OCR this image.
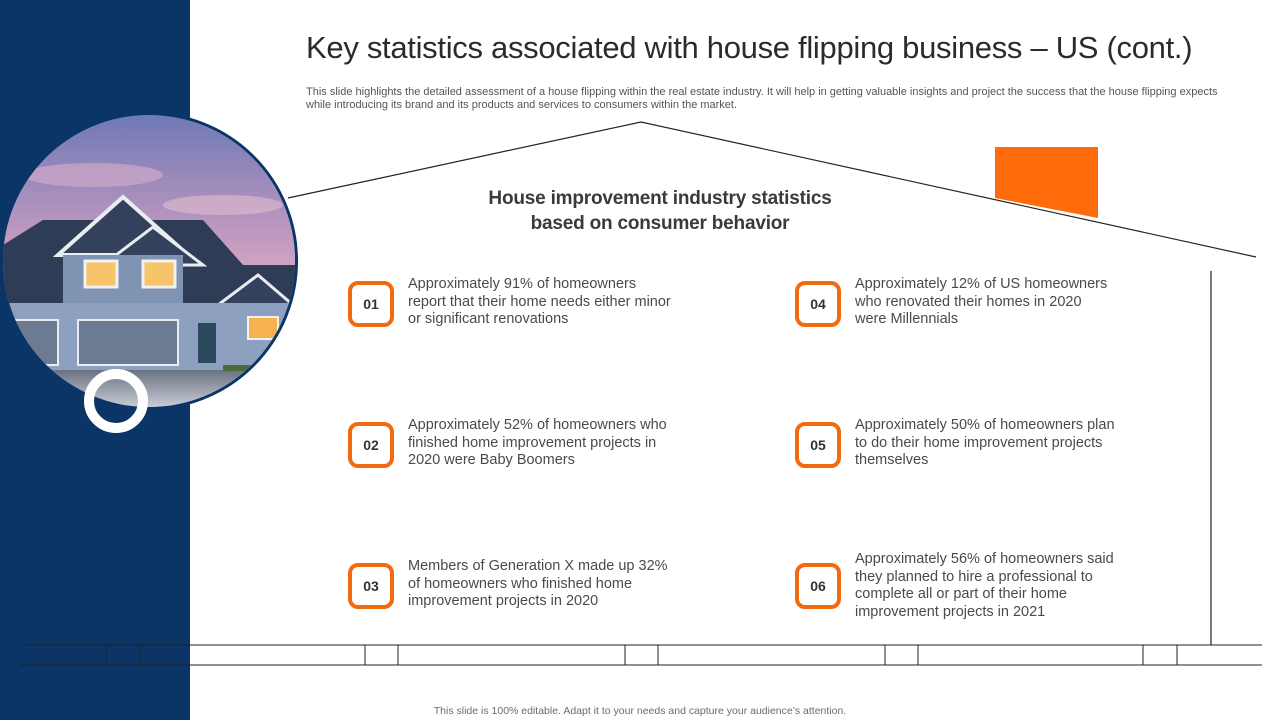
Key statistics associated with house flipping business – US (cont.)

This slide highlights the detailed assessment of a house flipping within the real estate industry. It will help in getting valuable insights and project the success that the house flipping expects while introducing its brand and its products and services to consumers within the market.

House improvement industry statistics
based on consumer behavior
01
Approximately 91% of homeowners
report that their home needs either minor
or significant renovations
02
Approximately 52% of homeowners who
finished home improvement projects in
2020 were Baby Boomers
03
Members of Generation X made up 32%
of homeowners who finished home
improvement projects in 2020
04
Approximately 12% of US homeowners
who renovated their homes in 2020
were Millennials
05
Approximately 50% of homeowners plan
to do their home improvement projects
themselves
06
Approximately 56% of homeowners said
they planned to hire a professional to
complete all or part of their home
improvement projects in 2021
This slide is 100% editable. Adapt it to your needs and capture your audience’s attention.
